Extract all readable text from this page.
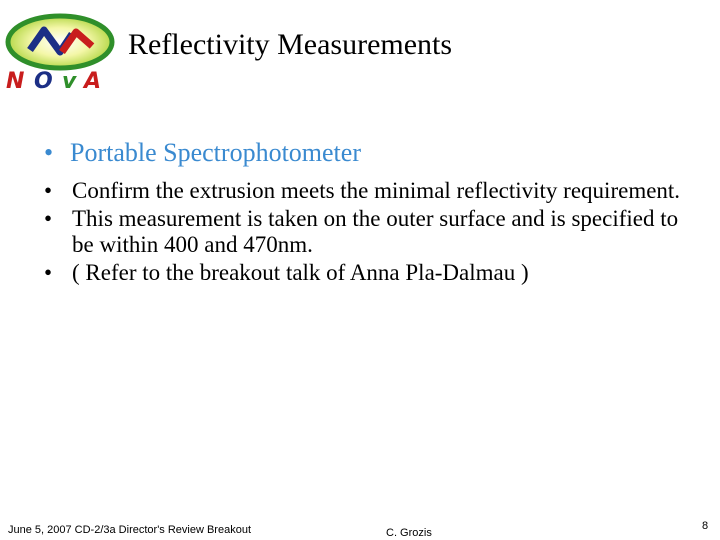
N O v A
Reflectivity Measurements
• Portable Spectrophotometer
• Confirm the extrusion meets the minimal reflectivity requirement.
• This measurement is taken on the outer surface and is specified to be within 400 and 470nm.
• ( Refer to the breakout talk of Anna Pla-Dalmau )
June 5, 2007 CD-2/3a Director's Review Breakout	C. Grozis
8
